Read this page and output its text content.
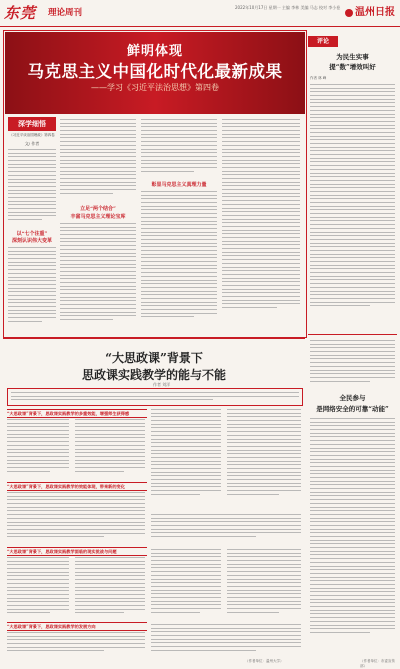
东莞 理论周刊
2022年10月17日 星期一 主编 李林 美编 马志 校对 李小卷	温州日报
鲜明体现
马克思主义中国化时代化最新成果
——学习《习近平法治思想》第四卷
深学细悟
《习近平谈治国理政》第四卷
文/ 作者
以“七个注重”
深刻认识伟大变革
立足“两个结合”
丰富马克思主义理论宝库
彰显马克思主义真理力量
评论
为民生实事
提“数”增效叫好
作者 林 峰
全民参与
是网络安全的可靠“动能”
（作者单位：市委宣传部）
“大思政课”背景下
思政课实践教学的能与不能
作者 刘洋
“大思政课”背景下，思政课实践教学的多重效能，增强师生获得感
“大思政课”背景下，思政课实践教学的效能体现，带来新的变化
“大思政课”背景下，思政课实践教学面临的现实挑战与问题
“大思政课”背景下，思政课实践教学的发展方向
（作者单位：温州大学）
